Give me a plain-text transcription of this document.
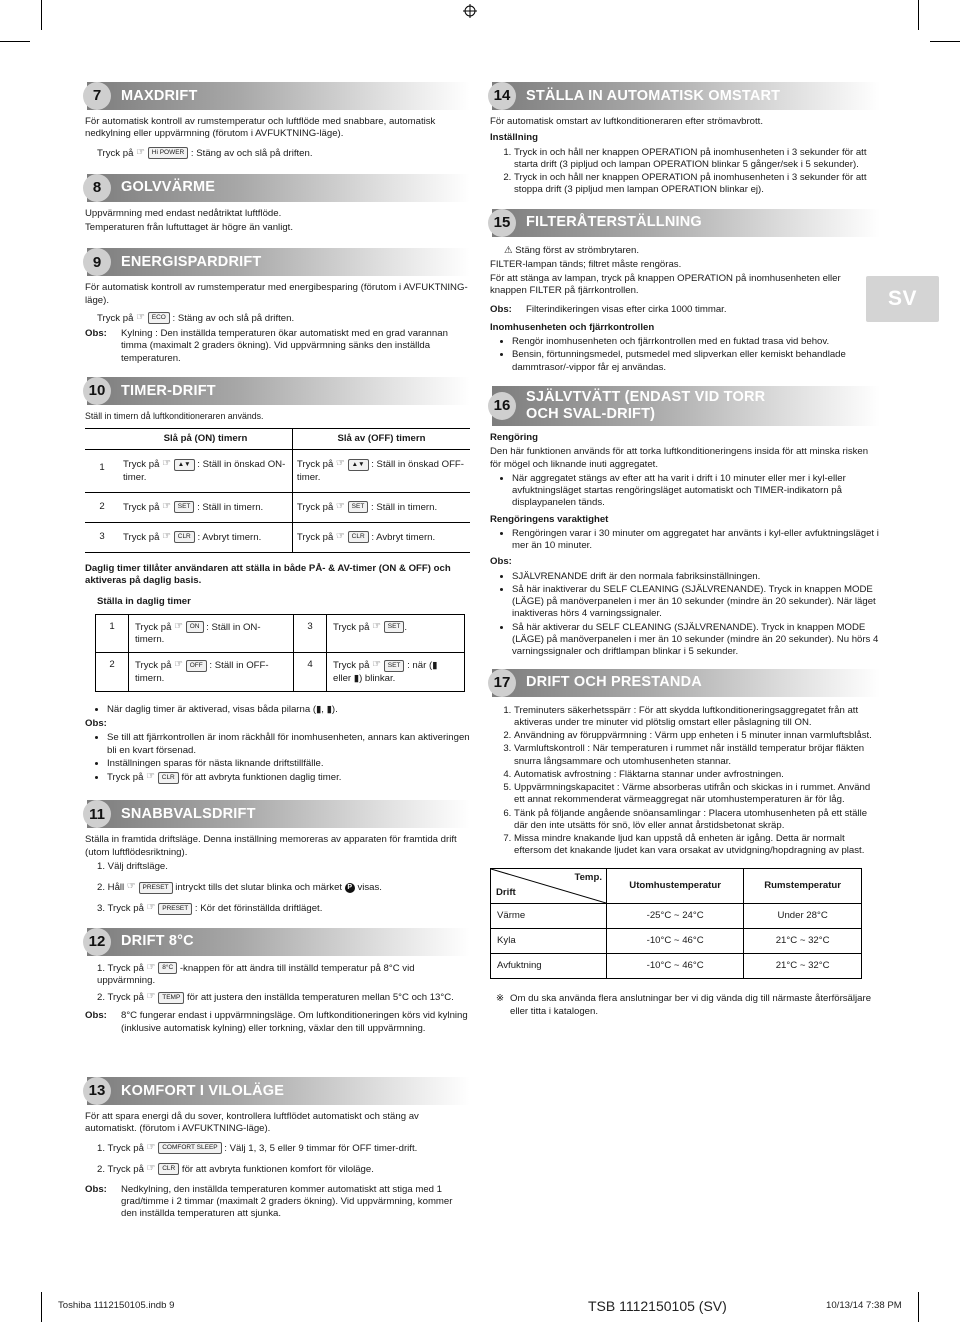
SV
7	MAXDRIFT

För automatisk kontroll av rumstemperatur och luftflöde med snabbare, automatisk nedkylning eller uppvärmning (förutom i AVFUKTNING-läge).

Tryck på ☞ Hi POWER : Stäng av och slå på driften.

8	GOLVVÄRME

Uppvärmning med endast nedåtriktat luftflöde.

Temperaturen från luftuttaget är högre än vanligt.

9	ENERGISPARDRIFT

För automatisk kontroll av rumstemperatur med energibesparing (förutom i AVFUKTNING-läge).

Tryck på ☞ ECO : Stäng av och slå på driften.

Obs:	Kylning : Den inställda temperaturen ökar automatiskt med en grad varannan timma (maximalt 2 graders ökning). Vid uppvärmning sänks den inställda temperaturen.
10	TIMER-DRIFT

Ställ in timern då luftkonditioneraren används.

	Slå på (ON) timern	Slå av (OFF) timern
1	Tryck på ☞ ▲▼ : Ställ in önskad ON-timer.	Tryck på ☞ ▲▼ : Ställ in önskad OFF-timer.
2	Tryck på ☞ SET : Ställ in timern.	Tryck på ☞ SET : Ställ in timern.
3	Tryck på ☞ CLR : Avbryt timern.	Tryck på ☞ CLR : Avbryt timern.

Daglig timer tillåter användaren att ställa in både PÅ- & AV-timer (ON & OFF) och aktiveras på daglig basis.

Ställa in daglig timer

1	Tryck på ☞ ON : Ställ in ON-timern.	3	Tryck på ☞ SET .
2	Tryck på ☞ OFF : Ställ in OFF-timern.	4	Tryck på ☞ SET : när (▮ eller ▮) blinkar.
• När daglig timer är aktiverad, visas båda pilarna (▮, ▮).

Obs:

• Se till att fjärrkontrollen är inom räckhåll för inomhusenheten, annars kan aktiveringen bli en kvart försenad.
• Inställningen sparas för nästa liknande driftstillfälle.
• Tryck på ☞ CLR för att avbryta funktionen daglig timer.
11	SNABBVALSDRIFT

Ställa in framtida driftsläge. Denna inställning memoreras av apparaten för framtida drift (utom luftflödesriktning).

1. Välj driftsläge.

2. Håll ☞ PRESET intryckt tills det slutar blinka och märket P visas.

3. Tryck på ☞ PRESET : Kör det förinställda driftläget.

12	DRIFT 8°C

1. Tryck på ☞ 8°C -knappen för att ändra till inställd temperatur på 8°C vid uppvärmning.

2. Tryck på ☞ TEMP för att justera den inställda temperaturen mellan 5°C och 13°C.

Obs:	8°C fungerar endast i uppvärmningsläge. Om luftkonditioneringen körs vid kylning (inklusive automatisk kylning) eller torkning, växlar den till uppvärmning.
13	KOMFORT I VILOLÄGE

För att spara energi då du sover, kontrollera luftflödet automatiskt och stäng av automatiskt. (förutom i AVFUKTNING-läge).

1. Tryck på ☞ COMFORT SLEEP : Välj 1, 3, 5 eller 9 timmar för OFF timer-drift.

2. Tryck på ☞ CLR för att avbryta funktionen komfort för viloläge.

Obs:	Nedkylning, den inställda temperaturen kommer automatiskt att stiga med 1 grad/timme i 2 timmar (maximalt 2 graders ökning). Vid uppvärmning, kommer den inställda temperaturen att sjunka.
14	STÄLLA IN AUTOMATISK OMSTART

För automatisk omstart av luftkonditioneraren efter strömavbrott.

Inställning

1. Tryck in och håll ner knappen OPERATION på inomhusenheten i 3 sekunder för att starta drift (3 pipljud och lampan OPERATION blinkar 5 gånger/sek i 5 sekunder).
2. Tryck in och håll ner knappen OPERATION på inomhusenheten i 3 sekunder för att stoppa drift (3 pipljud men lampan OPERATION blinkar ej).
15	FILTERÅTERSTÄLLNING

⚠ Stäng först av strömbrytaren.

FILTER-lampan tänds; filtret måste rengöras.

För att stänga av lampan, tryck på knappen OPERATION på inomhusenheten eller knappen FILTER på fjärrkontrollen.

Obs:	Filterindikeringen visas efter cirka 1000 timmar.

Inomhusenheten och fjärrkontrollen

• Rengör inomhusenheten och fjärrkontrollen med en fuktad trasa vid behov.
• Bensin, förtunningsmedel, putsmedel med slipverkan eller kemiskt behandlade dammtrasor/-vippor får ej användas.
16
SJÄLVTVÄTT (ENDAST VID TORR
OCH SVAL-DRIFT)

Rengöring

Den här funktionen används för att torka luftkonditioneringens insida för att minska risken för mögel och liknande inuti aggregatet.

• När aggregatet stängs av efter att ha varit i drift i 10 minuter eller mer i kyl-eller avfuktningsläget startas rengöringsläget automatiskt och TIMER-indikatorn på displaypanelen tänds.

Rengöringens varaktighet

• Rengöringen varar i 30 minuter om aggregatet har använts i kyl-eller avfuktningsläget i mer än 10 minuter.

Obs:

• SJÄLVRENANDE drift är den normala fabriksinställningen.
• Så här inaktiverar du SELF CLEANING (SJÄLVRENANDE). Tryck in knappen MODE (LÄGE) på manöverpanelen i mer än 10 sekunder (mindre än 20 sekunder). När läget inaktiveras hörs 4 varningssignaler.
• Så här aktiverar du SELF CLEANING (SJÄLVRENANDE). Tryck in knappen MODE (LÄGE) på manöverpanelen i mer än 10 sekunder (mindre än 20 sekunder). Nu hörs 4 varningssignaler och driftlampan blinkar i 5 sekunder.
17	DRIFT OCH PRESTANDA
1. Treminuters säkerhetsspärr : För att skydda luftkonditioneringsaggregatet från att aktiveras under tre minuter vid plötslig omstart eller påslagning till ON.
2. Användning av föruppvärmning : Värm upp enheten i 5 minuter innan varmluftsblåst.
3. Varmluftskontroll : När temperaturen i rummet når inställd temperatur bröjar fläkten snurra långsammare och utomhusenheten stannar.
4. Automatisk avfrostning : Fläktarna stannar under avfrostningen.
5. Uppvärmningskapacitet : Värme absorberas utifrån och skickas in i rummet. Använd ett annat rekommenderat värmeaggregat när utomhustemperaturen är för låg.
6. Tänk på följande angående snöansamlingar : Placera utomhusenheten på ett ställe där den inte utsätts för snö, löv eller annat årstidsbetonat skräp.
7. Missa mindre knakande ljud kan uppstå då enheten är igång. Detta är normalt eftersom det knakande ljudet kan vara orsakat av utvidgning/hopdragning av plast.
Temp.
Drift	Utomhustemperatur	Rumstemperatur
Värme	-25°C ~ 24°C	Under 28°C
Kyla	-10°C ~ 46°C	21°C ~ 32°C
Avfuktning	-10°C ~ 46°C	21°C ~ 32°C
※ Om du ska använda flera anslutningar ber vi dig vända dig till närmaste återförsäljare eller titta i katalogen.
Toshiba 1112150105.indb 9	TSB 1112150105 (SV)	10/13/14 7:38 PM
